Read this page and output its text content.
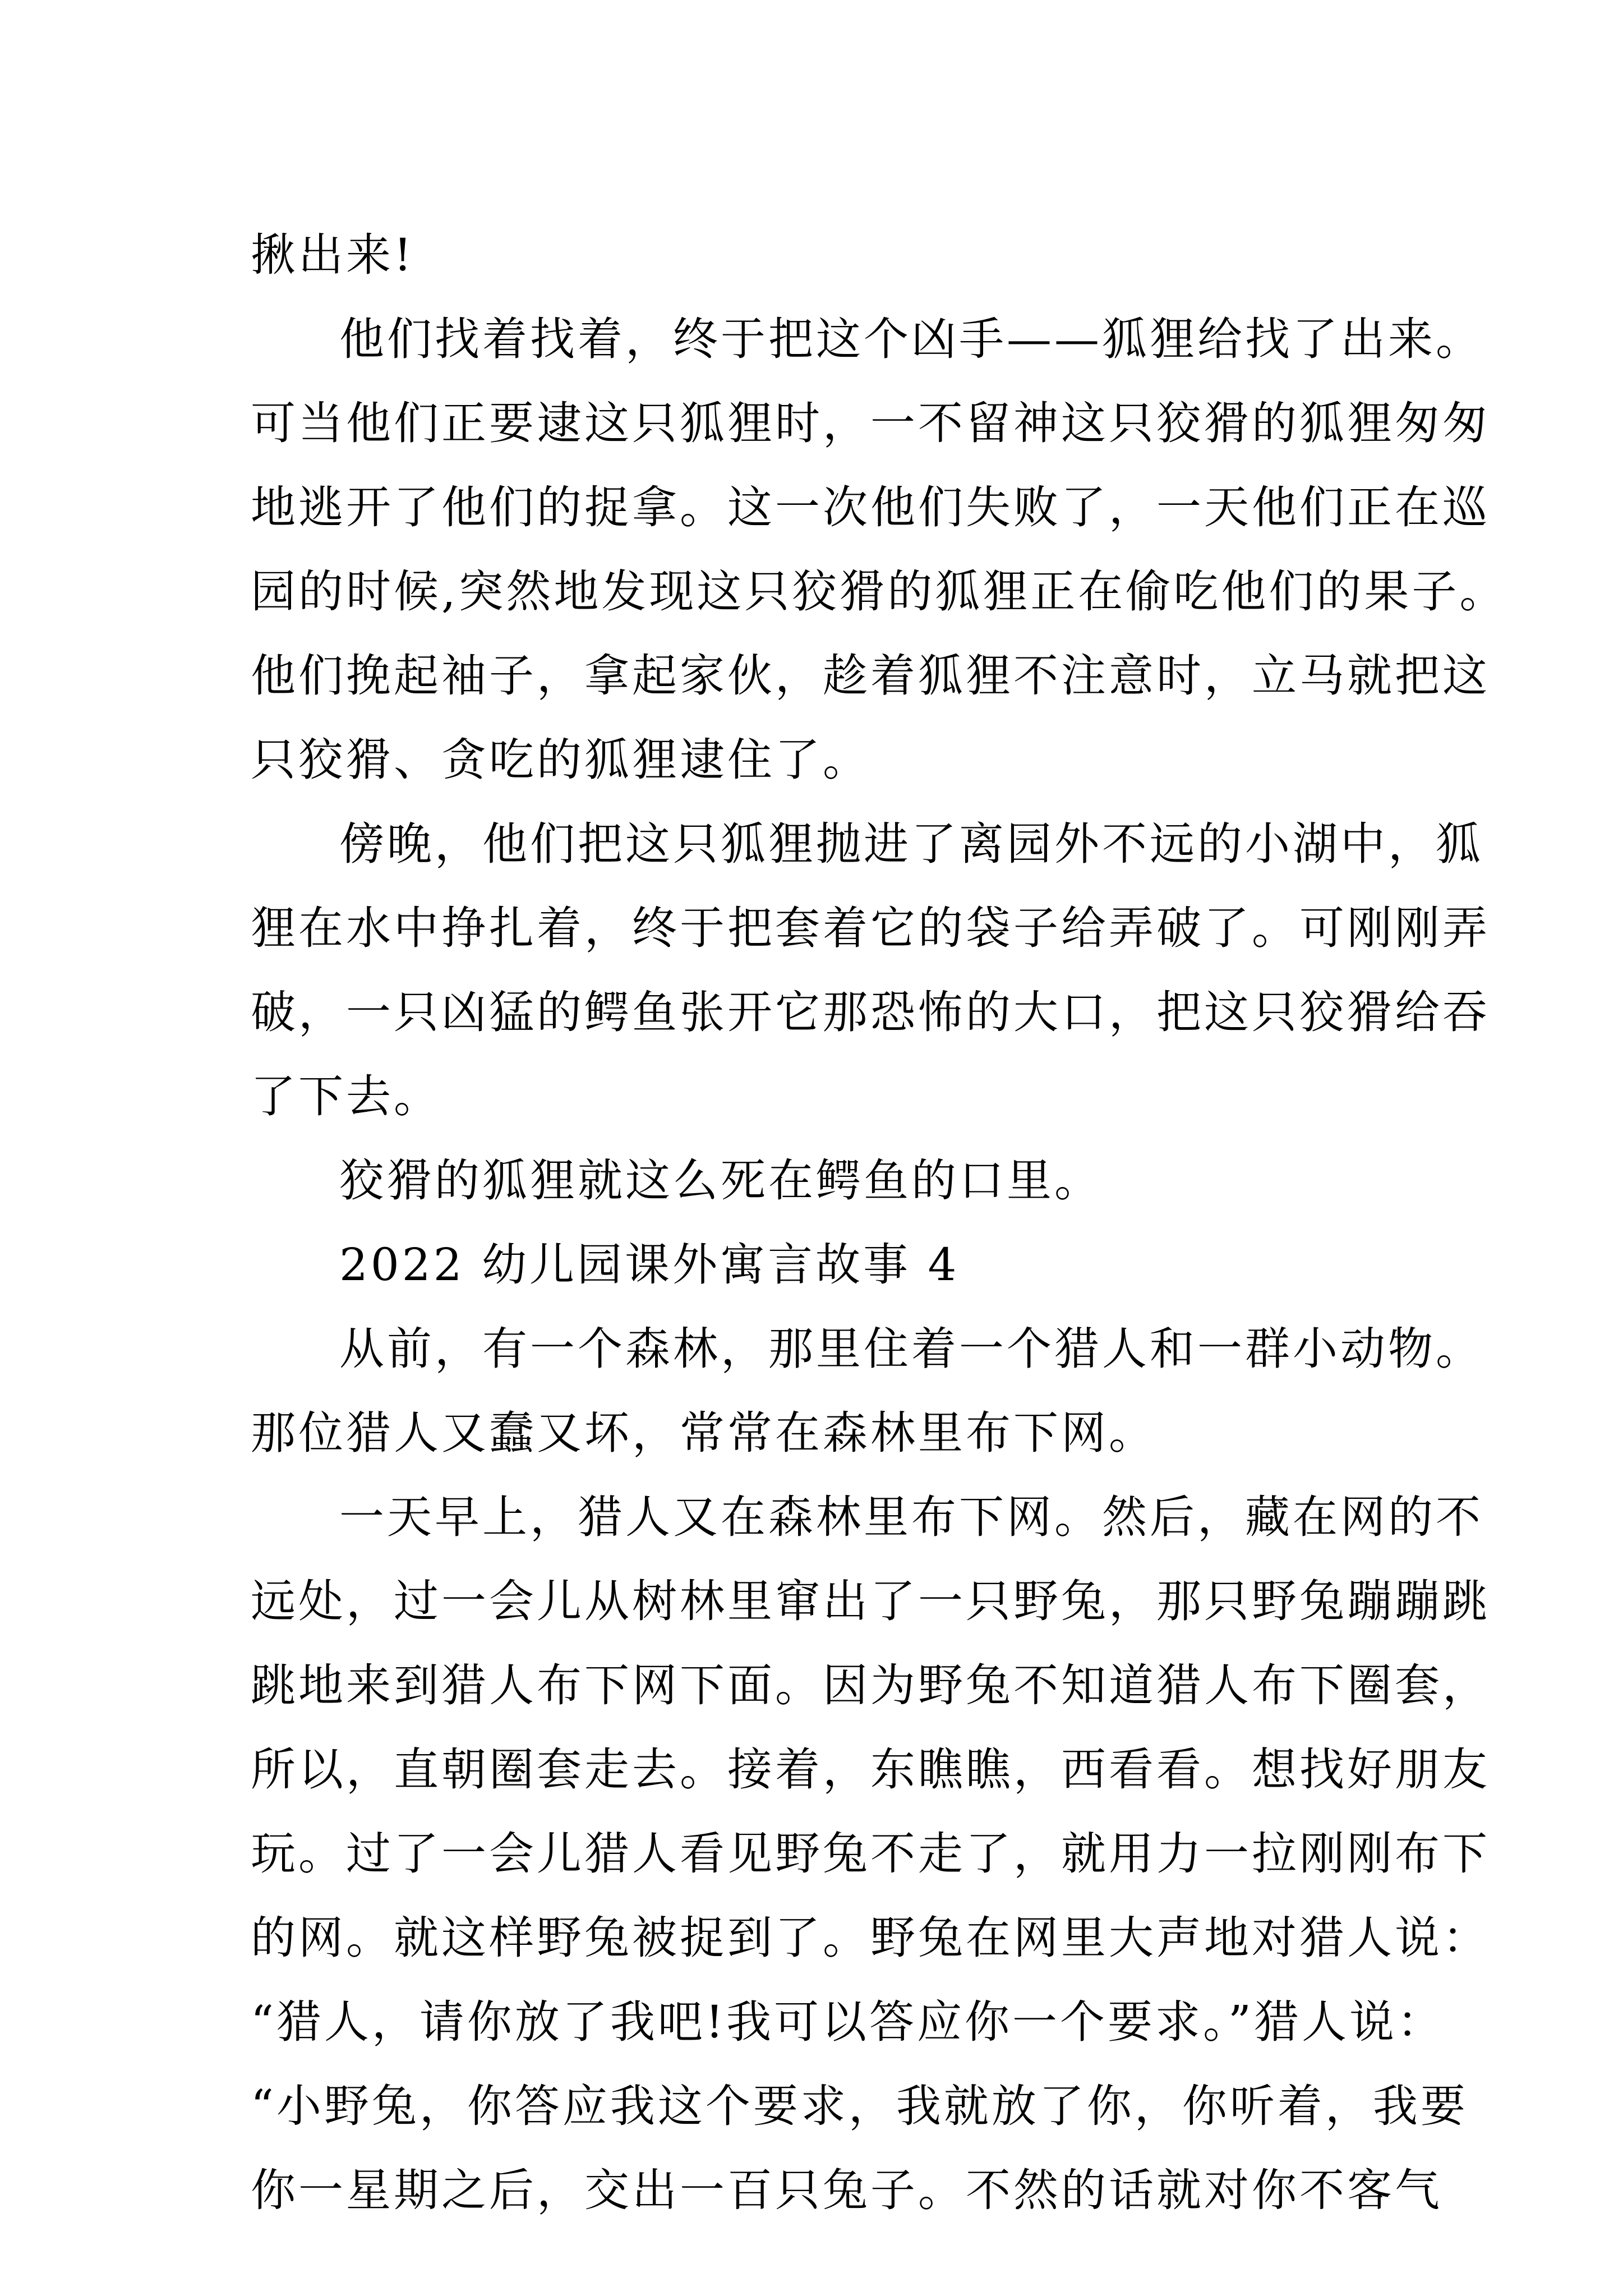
揪出来!
他们找着找着，终于把这个凶手——狐狸给找了出来。
可当他们正要逮这只狐狸时，一不留神这只狡猾的狐狸匆匆
地逃开了他们的捉拿。这一次他们失败了，一天他们正在巡
园的时候,突然地发现这只狡猾的狐狸正在偷吃他们的果子。
他们挽起袖子，拿起家伙，趁着狐狸不注意时，立马就把这
只狡猾、贪吃的狐狸逮住了。
傍晚，他们把这只狐狸抛进了离园外不远的小湖中，狐
狸在水中挣扎着，终于把套着它的袋子给弄破了。可刚刚弄
破，一只凶猛的鳄鱼张开它那恐怖的大口，把这只狡猾给吞
了下去。
狡猾的狐狸就这么死在鳄鱼的口里。
2022 幼儿园课外寓言故事 4
从前，有一个森林，那里住着一个猎人和一群小动物。
那位猎人又蠢又坏，常常在森林里布下网。
一天早上，猎人又在森林里布下网。然后，藏在网的不
远处，过一会儿从树林里窜出了一只野兔，那只野兔蹦蹦跳
跳地来到猎人布下网下面。因为野兔不知道猎人布下圈套，
所以，直朝圈套走去。接着，东瞧瞧，西看看。想找好朋友
玩。过了一会儿猎人看见野兔不走了，就用力一拉刚刚布下
的网。就这样野兔被捉到了。野兔在网里大声地对猎人说：
“猎人，请你放了我吧!我可以答应你一个要求。”猎人说：
“小野兔，你答应我这个要求，我就放了你，你听着，我要
你一星期之后，交出一百只兔子。不然的话就对你不客气
